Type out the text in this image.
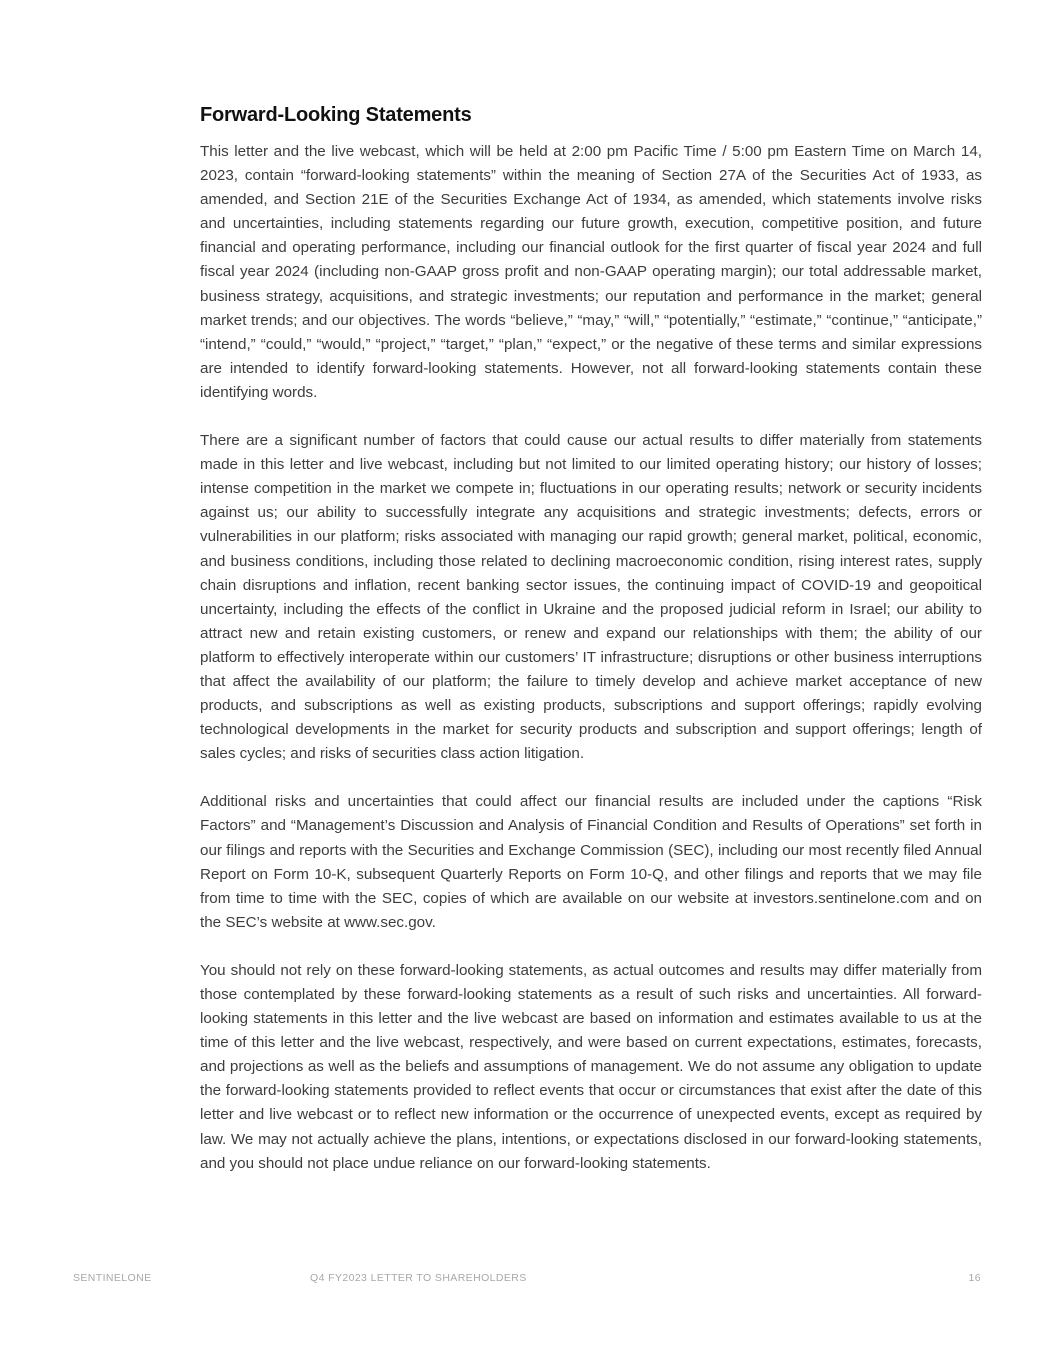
Forward-Looking Statements

This letter and the live webcast, which will be held at 2:00 pm Pacific Time / 5:00 pm Eastern Time on March 14, 2023, contain “forward-looking statements” within the meaning of Section 27A of the Securities Act of 1933, as amended, and Section 21E of the Securities Exchange Act of 1934, as amended, which statements involve risks and uncertainties, including statements regarding our future growth, execution, competitive position, and future financial and operating performance, including our financial outlook for the first quarter of fiscal year 2024 and full fiscal year 2024 (including non-GAAP gross profit and non-GAAP operating margin); our total addressable market, business strategy, acquisitions, and strategic investments; our reputation and performance in the market; general market trends; and our objectives. The words “believe,” “may,” “will,” “potentially,” “estimate,” “continue,” “anticipate,” “intend,” “could,” “would,” “project,” “target,” “plan,” “expect,” or the negative of these terms and similar expressions are intended to identify forward-looking statements. However, not all forward-looking statements contain these identifying words.

There are a significant number of factors that could cause our actual results to differ materially from statements made in this letter and live webcast, including but not limited to our limited operating history; our history of losses; intense competition in the market we compete in; fluctuations in our operating results; network or security incidents against us; our ability to successfully integrate any acquisitions and strategic investments; defects, errors or vulnerabilities in our platform; risks associated with managing our rapid growth; general market, political, economic, and business conditions, including those related to declining macroeconomic condition, rising interest rates, supply chain disruptions and inflation, recent banking sector issues, the continuing impact of COVID-19 and geopoitical uncertainty, including the effects of the conflict in Ukraine and the proposed judicial reform in Israel; our ability to attract new and retain existing customers, or renew and expand our relationships with them; the ability of our platform to effectively interoperate within our customers’ IT infrastructure; disruptions or other business interruptions that affect the availability of our platform; the failure to timely develop and achieve market acceptance of new products, and subscriptions as well as existing products, subscriptions and support offerings; rapidly evolving technological developments in the market for security products and subscription and support offerings; length of sales cycles; and risks of securities class action litigation.

Additional risks and uncertainties that could affect our financial results are included under the captions “Risk Factors” and “Management’s Discussion and Analysis of Financial Condition and Results of Operations” set forth in our filings and reports with the Securities and Exchange Commission (SEC), including our most recently filed Annual Report on Form 10-K, subsequent Quarterly Reports on Form 10-Q, and other filings and reports that we may file from time to time with the SEC, copies of which are available on our website at investors.sentinelone.com and on the SEC’s website at www.sec.gov.

You should not rely on these forward-looking statements, as actual outcomes and results may differ materially from those contemplated by these forward-looking statements as a result of such risks and uncertainties. All forward-looking statements in this letter and the live webcast are based on information and estimates available to us at the time of this letter and the live webcast, respectively, and were based on current expectations, estimates, forecasts, and projections as well as the beliefs and assumptions of management. We do not assume any obligation to update the forward-looking statements provided to reflect events that occur or circumstances that exist after the date of this letter and live webcast or to reflect new information or the occurrence of unexpected events, except as required by law. We may not actually achieve the plans, intentions, or expectations disclosed in our forward-looking statements, and you should not place undue reliance on our forward-looking statements.

SENTINELONE	Q4 FY2023 LETTER TO SHAREHOLDERS	16
